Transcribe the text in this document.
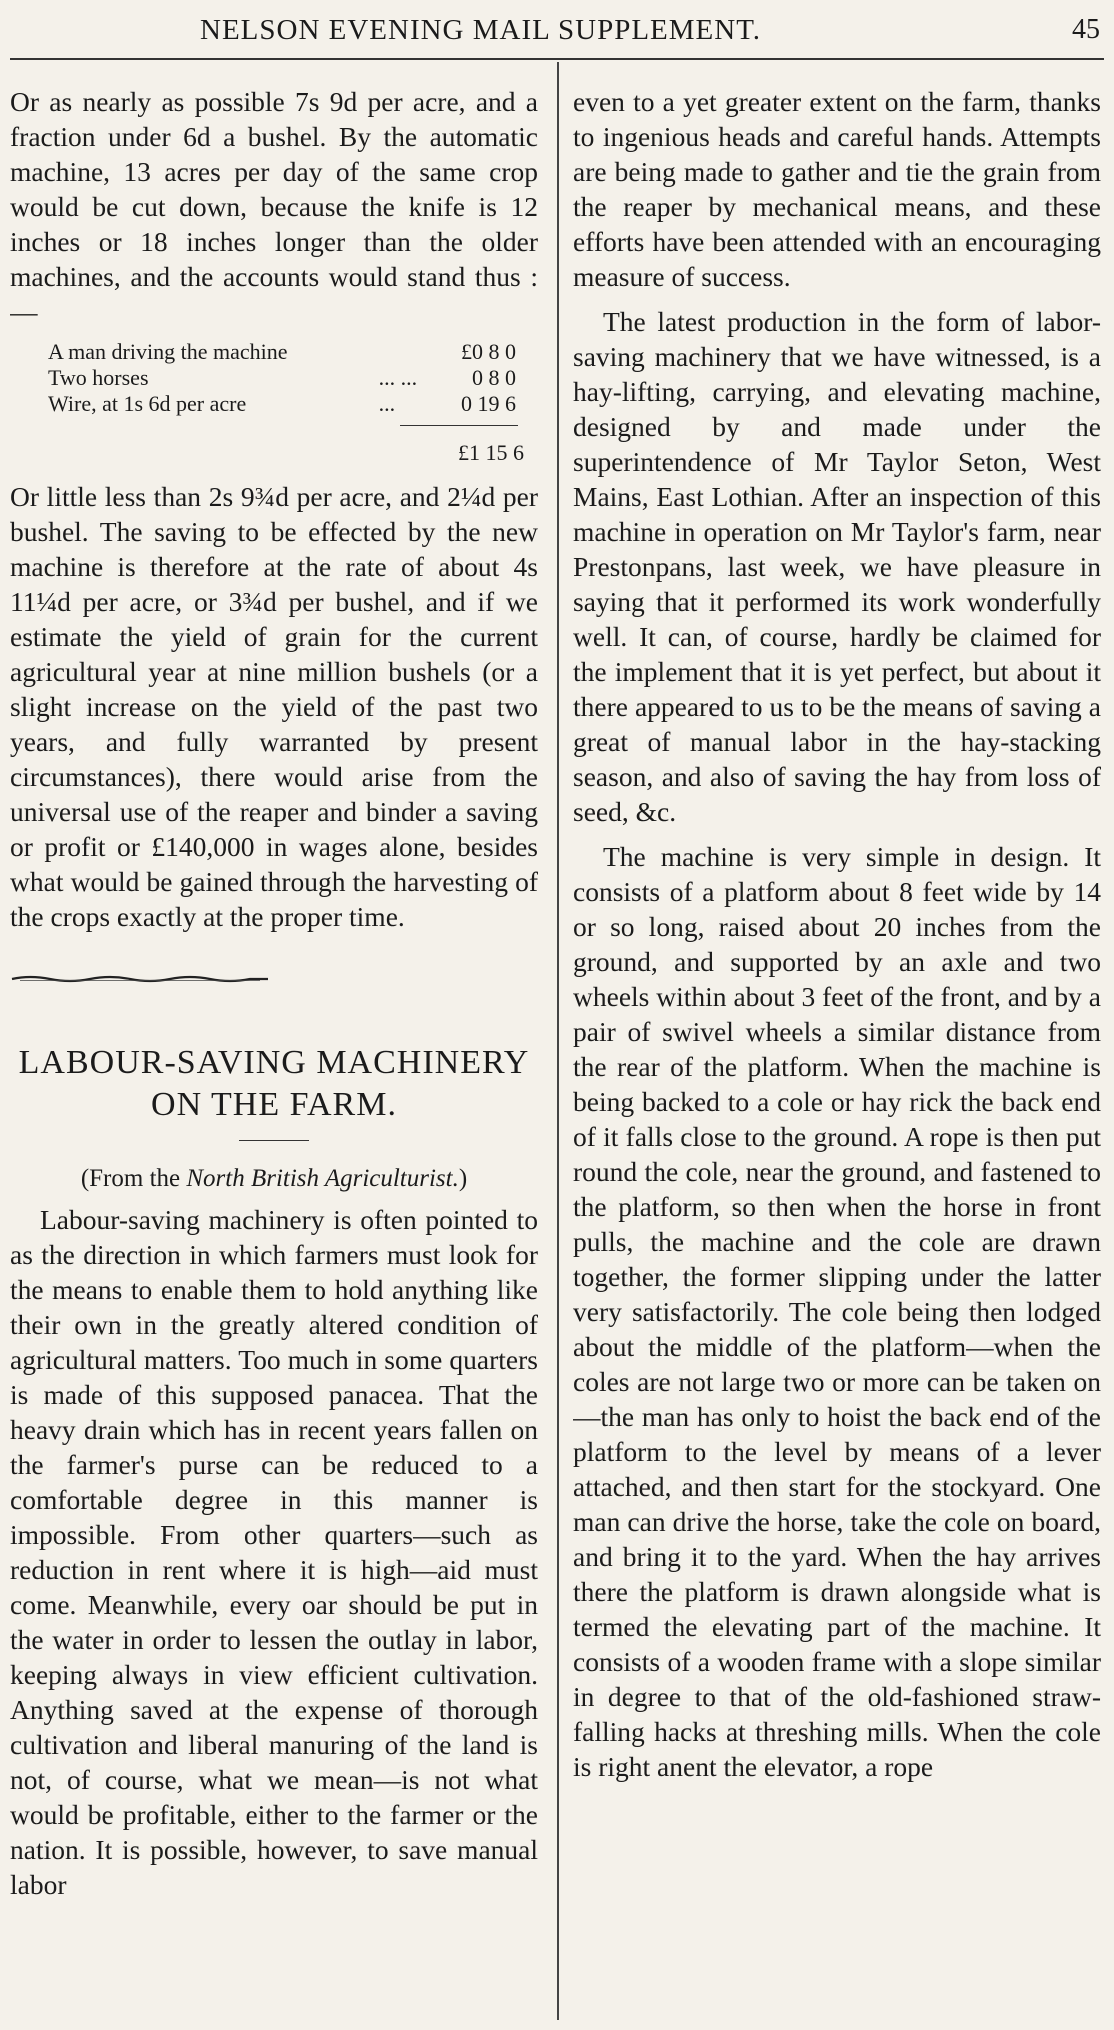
NELSON EVENING MAIL SUPPLEMENT.	45

Or as nearly as possible 7s 9d per acre, and a fraction under 6d a bushel. By the automatic machine, 13 acres per day of the same crop would be cut down, because the knife is 12 inches or 18 inches longer than the older machines, and the accounts would stand thus :—

A man driving the machine		£0 8 0
Two horses	... ...	0 8 0
Wire, at 1s 6d per acre	...	0 19 6
£1 15 6

Or little less than 2s 9¾d per acre, and 2¼d per bushel. The saving to be effected by the new machine is therefore at the rate of about 4s 11¼d per acre, or 3¾d per bushel, and if we estimate the yield of grain for the current agricultural year at nine million bushels (or a slight increase on the yield of the past two years, and fully warranted by present circumstances), there would arise from the universal use of the reaper and binder a saving or profit or £140,000 in wages alone, besides what would be gained through the harvesting of the crops exactly at the proper time.

LABOUR-SAVING MACHINERY
ON THE FARM.
(From the North British Agriculturist.)

Labour-saving machinery is often pointed to as the direction in which farmers must look for the means to enable them to hold anything like their own in the greatly altered condition of agricultural matters. Too much in some quarters is made of this supposed panacea. That the heavy drain which has in recent years fallen on the farmer's purse can be reduced to a comfortable degree in this manner is impossible. From other quarters—such as reduction in rent where it is high—aid must come. Meanwhile, every oar should be put in the water in order to lessen the outlay in labor, keeping always in view efficient cultivation. Anything saved at the expense of thorough cultivation and liberal manuring of the land is not, of course, what we mean—is not what would be profitable, either to the farmer or the nation. It is possible, however, to save manual labor

even to a yet greater extent on the farm, thanks to ingenious heads and careful hands. Attempts are being made to gather and tie the grain from the reaper by mechanical means, and these efforts have been attended with an encouraging measure of success.

The latest production in the form of labor-saving machinery that we have witnessed, is a hay-lifting, carrying, and elevating machine, designed by and made under the superintendence of Mr Taylor Seton, West Mains, East Lothian. After an inspection of this machine in operation on Mr Taylor's farm, near Prestonpans, last week, we have pleasure in saying that it performed its work wonderfully well. It can, of course, hardly be claimed for the implement that it is yet perfect, but about it there appeared to us to be the means of saving a great of manual labor in the hay-stacking season, and also of saving the hay from loss of seed, &c.

The machine is very simple in design. It consists of a platform about 8 feet wide by 14 or so long, raised about 20 inches from the ground, and supported by an axle and two wheels within about 3 feet of the front, and by a pair of swivel wheels a similar distance from the rear of the platform. When the machine is being backed to a cole or hay rick the back end of it falls close to the ground. A rope is then put round the cole, near the ground, and fastened to the platform, so then when the horse in front pulls, the machine and the cole are drawn together, the former slipping under the latter very satisfactorily. The cole being then lodged about the middle of the platform—when the coles are not large two or more can be taken on—the man has only to hoist the back end of the platform to the level by means of a lever attached, and then start for the stockyard. One man can drive the horse, take the cole on board, and bring it to the yard. When the hay arrives there the platform is drawn alongside what is termed the elevating part of the machine. It consists of a wooden frame with a slope similar in degree to that of the old-fashioned straw-falling hacks at threshing mills. When the cole is right anent the elevator, a rope
